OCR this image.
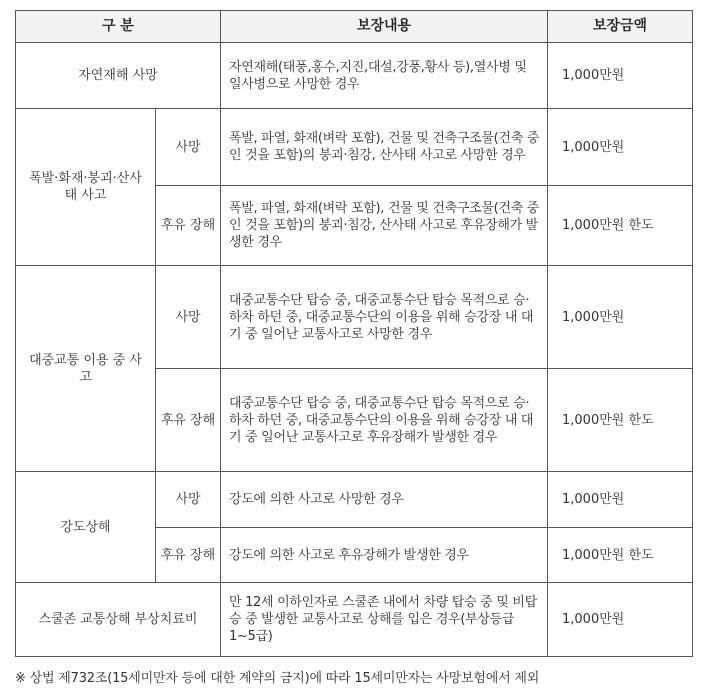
구 분		보장내용	보장금액
자연재해 사망		자연재해(태풍,홍수,지진,대설,강풍,황사 등),열사병 및 일사병으로 사망한 경우	1,000만원
폭발·화재·붕괴·산사태 사고	사망	폭발, 파열, 화재(벼락 포함), 건물 및 건축구조물(건축 중인 것을 포함)의 붕괴·침강, 산사태 사고로 사망한 경우	1,000만원
	후유 장해	폭발, 파열, 화재(벼락 포함), 건물 및 건축구조물(건축 중인 것을 포함)의 붕괴·침강, 산사태 사고로 후유장해가 발생한 경우	1,000만원 한도
대중교통 이용 중 사고	사망	대중교통수단 탑승 중, 대중교통수단 탑승 목적으로 승·하차 하던 중, 대중교통수단의 이용을 위해 승강장 내 대기 중 일어난 교통사고로 사망한 경우	1,000만원
	후유 장해	대중교통수단 탑승 중, 대중교통수단 탑승 목적으로 승·하차 하던 중, 대중교통수단의 이용을 위해 승강장 내 대기 중 일어난 교통사고로 후유장해가 발생한 경우	1,000만원 한도
강도상해	사망	강도에 의한 사고로 사망한 경우	1,000만원
	후유 장해	강도에 의한 사고로 후유장해가 발생한 경우	1,000만원 한도
스쿨존 교통상해 부상치료비		만 12세 이하인자로 스쿨존 내에서 차량 탑승 중 및 비탑승 중 발생한 교통사고로 상해를 입은 경우(부상등급 1~5급)	1,000만원
※ 상법 제732조(15세미만자 등에 대한 계약의 금지)에 따라 15세미만자는 사망보험에서 제외
